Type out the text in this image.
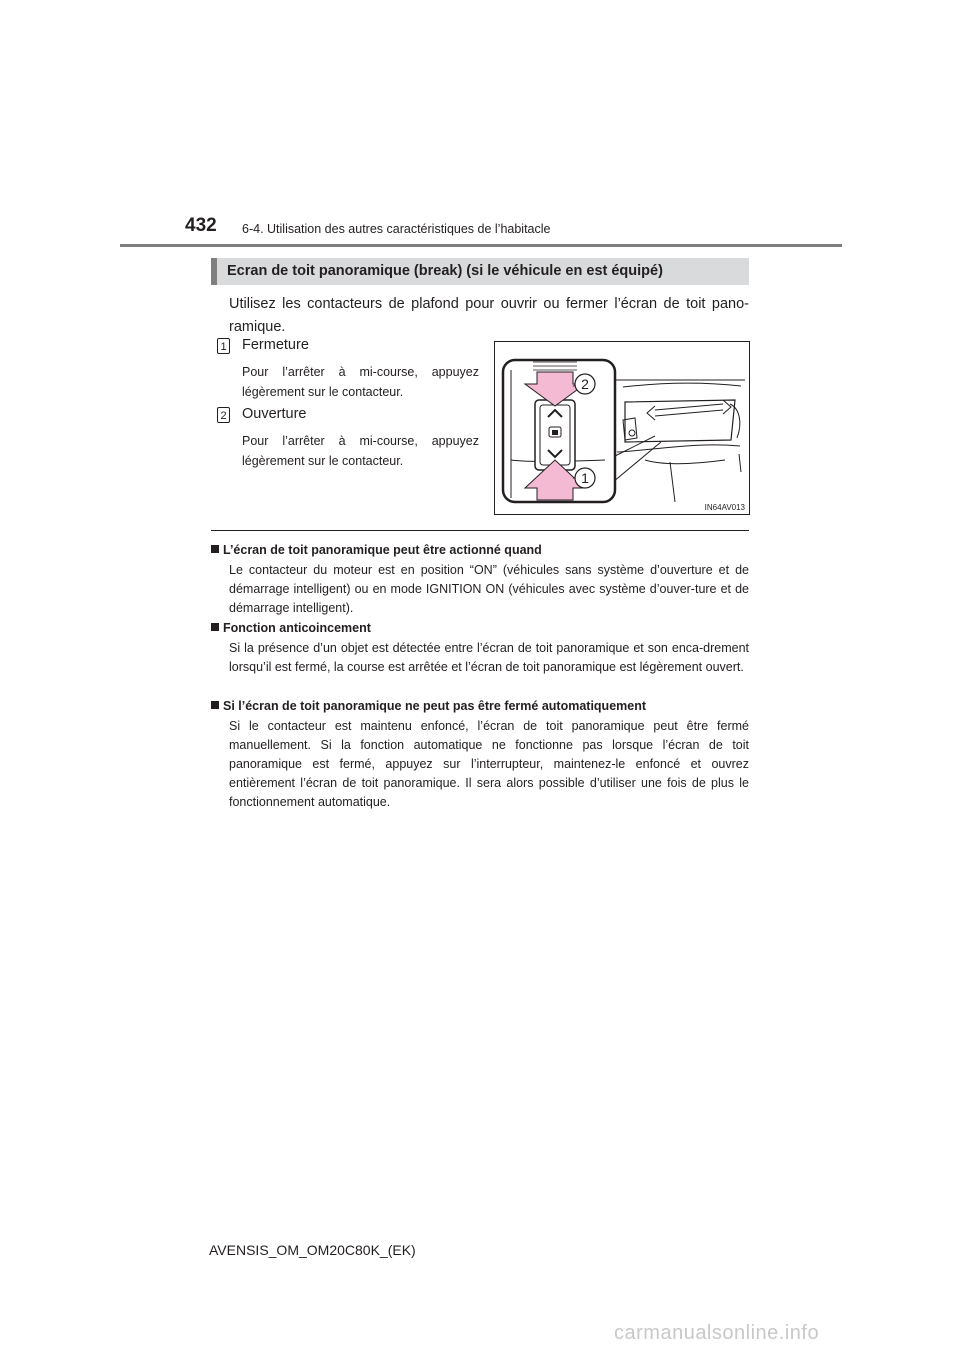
432 6-4. Utilisation des autres caractéristiques de l’habitacle
Ecran de toit panoramique (break) (si le véhicule en est équipé)
Utilisez les contacteurs de plafond pour ouvrir ou fermer l’écran de toit pano-ramique.
1 Fermeture
Pour l’arrêter à mi-course, appuyez légèrement sur le contacteur.
2 Ouverture
Pour l’arrêter à mi-course, appuyez légèrement sur le contacteur.
2
1
IN64AV013
L’écran de toit panoramique peut être actionné quand
Le contacteur du moteur est en position “ON” (véhicules sans système d’ouverture et de démarrage intelligent) ou en mode IGNITION ON (véhicules avec système d’ouver-ture et de démarrage intelligent).
Fonction anticoincement
Si la présence d’un objet est détectée entre l’écran de toit panoramique et son enca-drement lorsqu’il est fermé, la course est arrêtée et l’écran de toit panoramique est légèrement ouvert.
Si l’écran de toit panoramique ne peut pas être fermé automatiquement
Si le contacteur est maintenu enfoncé, l’écran de toit panoramique peut être fermé manuellement. Si la fonction automatique ne fonctionne pas lorsque l’écran de toit panoramique est fermé, appuyez sur l’interrupteur, maintenez-le enfoncé et ouvrez entièrement l’écran de toit panoramique. Il sera alors possible d’utiliser une fois de plus le fonctionnement automatique.
AVENSIS_OM_OM20C80K_(EK)
carmanualsonline.info
